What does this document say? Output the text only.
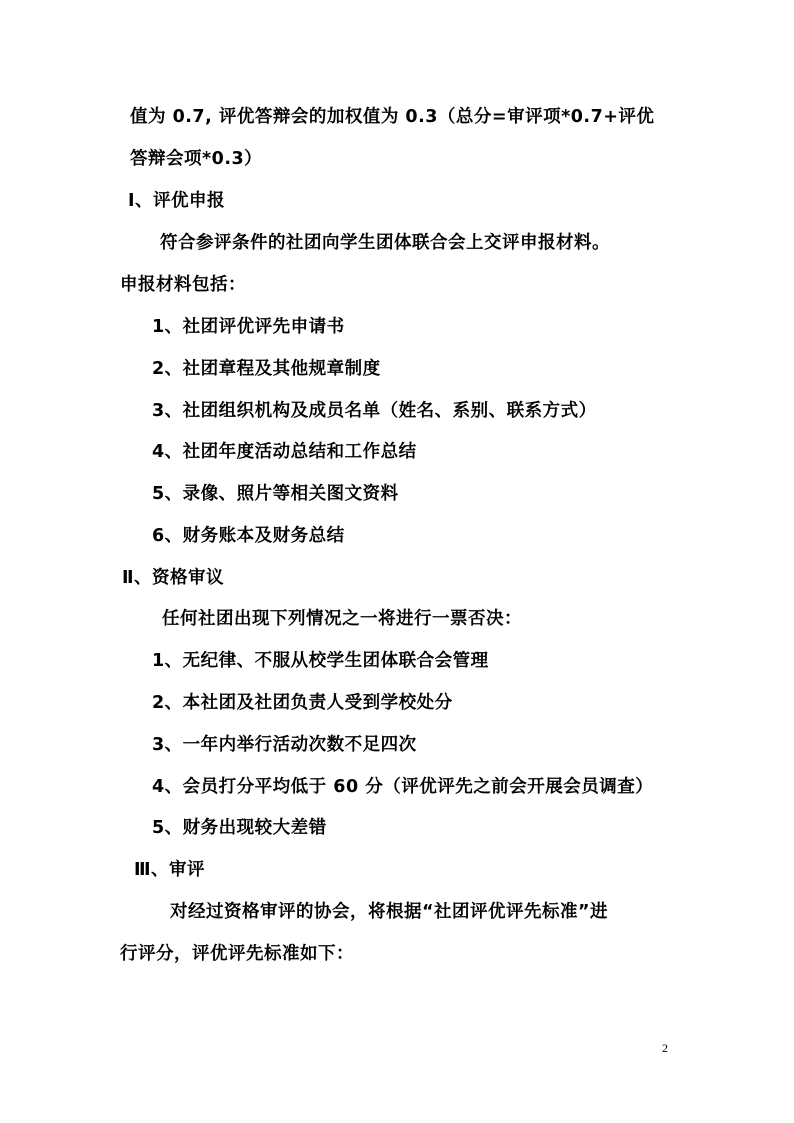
值为 0.7, 评优答辩会的加权值为 0.3（总分=审评项*0.7+评优
答辩会项*0.3）
Ⅰ、评优申报
符合参评条件的社团向学生团体联合会上交评申报材料。
申报材料包括：
1、社团评优评先申请书
2、社团章程及其他规章制度
3、社团组织机构及成员名单（姓名、系别、联系方式）
4、社团年度活动总结和工作总结
5、录像、照片等相关图文资料
6、财务账本及财务总结
Ⅱ、资格审议
任何社团出现下列情况之一将进行一票否决：
1、无纪律、不服从校学生团体联合会管理
2、本社团及社团负责人受到学校处分
3、一年内举行活动次数不足四次
4、会员打分平均低于 60 分（评优评先之前会开展会员调查）
5、财务出现较大差错
Ⅲ、审评
对经过资格审评的协会，将根据“社团评优评先标准”进
行评分，评优评先标准如下：
2
